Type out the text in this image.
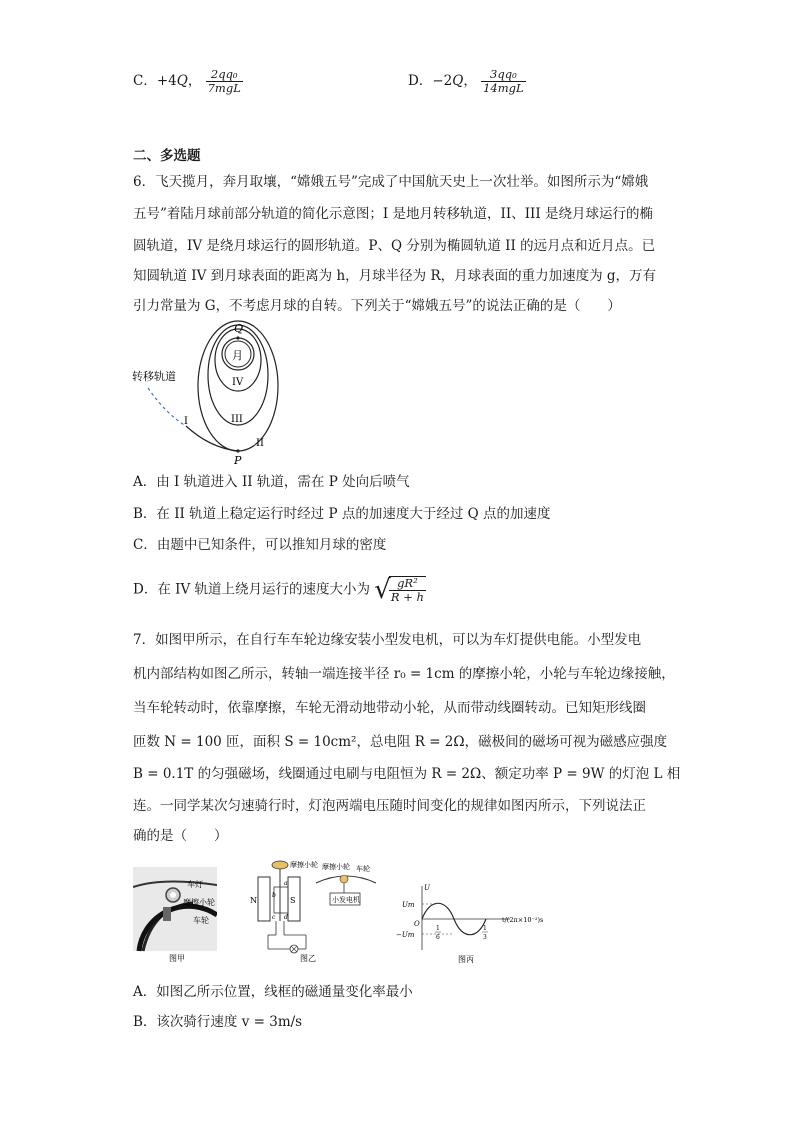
C．+4Q， $\frac{\text{2qq₀}}{\text{7mgL}}$	D．−2Q， $\frac{\text{3qq₀}}{\text{14mgL}}$
二、多选题
6．飞天揽月，奔月取壤，“嫦娥五号”完成了中国航天史上一次壮举。如图所示为“嫦娥
五号”着陆月球前部分轨道的简化示意图；I 是地月转移轨道，II、III 是绕月球运行的椭
圆轨道，IV 是绕月球运行的圆形轨道。P、Q 分别为椭圆轨道 II 的远月点和近月点。已
知圆轨道 IV 到月球表面的距离为 h，月球半径为 R，月球表面的重力加速度为 g，万有
引力常量为 G，不考虑月球的自转。下列关于“嫦娥五号”的说法正确的是（　　）
月
Q
P
转移轨道	IV
III
I
II
A．由 I 轨道进入 II 轨道，需在 P 处向后喷气
B．在 II 轨道上稳定运行时经过 P 点的加速度大于经过 Q 点的加速度
C．由题中已知条件，可以推知月球的密度
D．在 IV 轨道上绕月运行的速度大小为 √
$\frac{\text{gR²}}{R + h}$
7．如图甲所示，在自行车车轮边缘安装小型发电机，可以为车灯提供电能。小型发电
机内部结构如图乙所示，转轴一端连接半径 r₀ = 1cm 的摩擦小轮，小轮与车轮边缘接触，
当车轮转动时，依靠摩擦，车轮无滑动地带动小轮，从而带动线圈转动。已知矩形线圈
匝数 N = 100 匝，面积 S = 10cm²，总电阻 R = 2Ω，磁极间的磁场可视为磁感应强度
B = 0.1T 的匀强磁场，线圈通过电刷与电阻恒为 R = 2Ω、额定功率 P = 9W 的灯泡 L 相
连。一同学某次匀速骑行时，灯泡两端电压随时间变化的规律如图丙所示，下列说法正
确的是（　　）
车灯
摩擦小轮
车轮
图甲
N	S
a
b
c d
摩擦小轮 摩擦小轮 车轮
小发电机
图乙
U
Um
−Um
O	t/(2π×10⁻²)s
1
6
1
3
图丙
A．如图乙所示位置，线框的磁通量变化率最小
B．该次骑行速度 v = 3m/s
